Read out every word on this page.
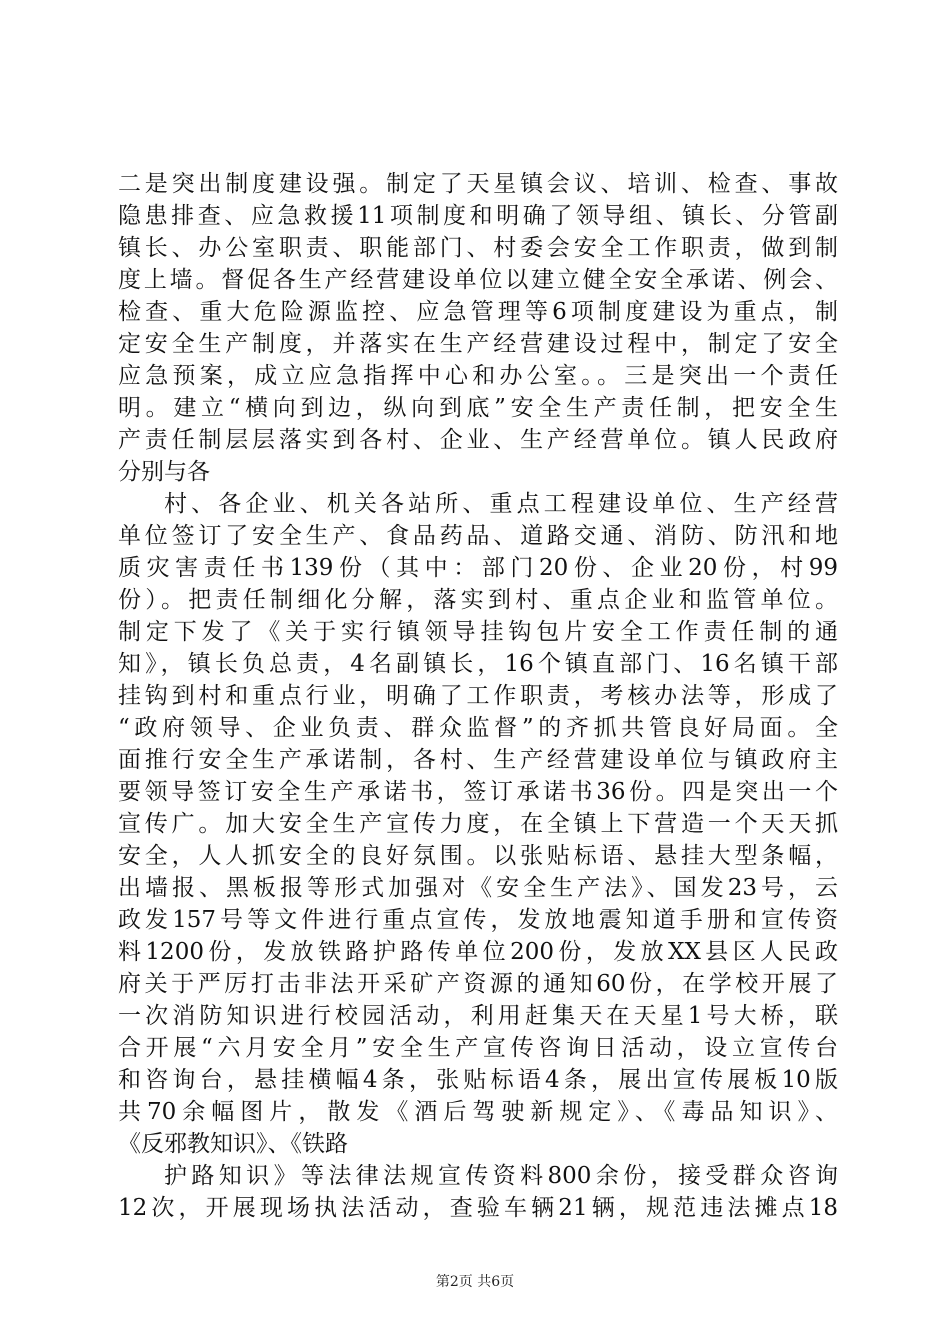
二是突出制度建设强。制定了天星镇会议、培训、检查、事故
隐患排查、应急救援11项制度和明确了领导组、镇长、分管副
镇长、办公室职责、职能部门、村委会安全工作职责，做到制
度上墙。督促各生产经营建设单位以建立健全安全承诺、例会、
检查、重大危险源监控、应急管理等6项制度建设为重点，制
定安全生产制度，并落实在生产经营建设过程中，制定了安全
应急预案，成立应急指挥中心和办公室。。三是突出一个责任
明。建立“横向到边，纵向到底”安全生产责任制，把安全生
产责任制层层落实到各村、企业、生产经营单位。镇人民政府
分别与各
村、各企业、机关各站所、重点工程建设单位、生产经营
单位签订了安全生产、食品药品、道路交通、消防、防汛和地
质灾害责任书139份（其中：部门20份、企业20份，村99
份）。把责任制细化分解，落实到村、重点企业和监管单位。
制定下发了《关于实行镇领导挂钩包片安全工作责任制的通
知》，镇长负总责，4名副镇长，16个镇直部门、16名镇干部
挂钩到村和重点行业，明确了工作职责，考核办法等，形成了
“政府领导、企业负责、群众监督”的齐抓共管良好局面。全
面推行安全生产承诺制，各村、生产经营建设单位与镇政府主
要领导签订安全生产承诺书，签订承诺书36份。四是突出一个
宣传广。加大安全生产宣传力度，在全镇上下营造一个天天抓
安全，人人抓安全的良好氛围。以张贴标语、悬挂大型条幅，
出墙报、黑板报等形式加强对《安全生产法》、国发23号，云
政发157号等文件进行重点宣传，发放地震知道手册和宣传资
料1200份，发放铁路护路传单位200份，发放XX县区人民政
府关于严厉打击非法开采矿产资源的通知60份，在学校开展了
一次消防知识进行校园活动，利用赶集天在天星1号大桥，联
合开展“六月安全月”安全生产宣传咨询日活动，设立宣传台
和咨询台，悬挂横幅4条，张贴标语4条，展出宣传展板10版
共70余幅图片，散发《酒后驾驶新规定》、《毒品知识》、
《反邪教知识》、《铁路
护路知识》等法律法规宣传资料800余份，接受群众咨询
12次，开展现场执法活动，查验车辆21辆，规范违法摊点18
第2页 共6页
